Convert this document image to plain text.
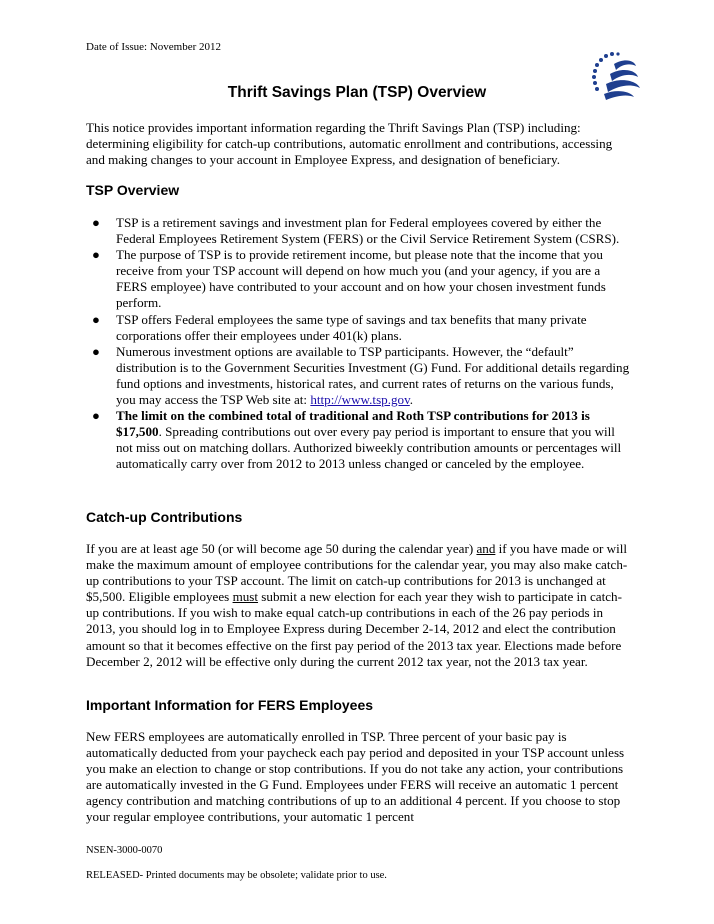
Date of Issue: November 2012
Thrift Savings Plan (TSP) Overview
This notice provides important information regarding the Thrift Savings Plan (TSP) including: determining eligibility for catch-up contributions, automatic enrollment and contributions, accessing and making changes to your account in Employee Express, and designation of beneficiary.
TSP Overview
● TSP is a retirement savings and investment plan for Federal employees covered by either the Federal Employees Retirement System (FERS) or the Civil Service Retirement System (CSRS).
● The purpose of TSP is to provide retirement income, but please note that the income that you receive from your TSP account will depend on how much you (and your agency, if you are a FERS employee) have contributed to your account and on how your chosen investment funds perform.
● TSP offers Federal employees the same type of savings and tax benefits that many private corporations offer their employees under 401(k) plans.
● Numerous investment options are available to TSP participants. However, the “default” distribution is to the Government Securities Investment (G) Fund. For additional details regarding fund options and investments, historical rates, and current rates of returns on the various funds, you may access the TSP Web site at: http://www.tsp.gov.
● The limit on the combined total of traditional and Roth TSP contributions for 2013 is $17,500. Spreading contributions out over every pay period is important to ensure that you will not miss out on matching dollars. Authorized biweekly contribution amounts or percentages will automatically carry over from 2012 to 2013 unless changed or canceled by the employee.
Catch-up Contributions
If you are at least age 50 (or will become age 50 during the calendar year) and if you have made or will make the maximum amount of employee contributions for the calendar year, you may also make catch-up contributions to your TSP account. The limit on catch-up contributions for 2013 is unchanged at $5,500. Eligible employees must submit a new election for each year they wish to participate in catch-up contributions. If you wish to make equal catch-up contributions in each of the 26 pay periods in 2013, you should log in to Employee Express during December 2-14, 2012 and elect the contribution amount so that it becomes effective on the first pay period of the 2013 tax year. Elections made before December 2, 2012 will be effective only during the current 2012 tax year, not the 2013 tax year.
Important Information for FERS Employees
New FERS employees are automatically enrolled in TSP. Three percent of your basic pay is automatically deducted from your paycheck each pay period and deposited in your TSP account unless you make an election to change or stop contributions. If you do not take any action, your contributions are automatically invested in the G Fund. Employees under FERS will receive an automatic 1 percent agency contribution and matching contributions of up to an additional 4 percent. If you choose to stop your regular employee contributions, your automatic 1 percent
NSEN-3000-0070
RELEASED- Printed documents may be obsolete; validate prior to use.
